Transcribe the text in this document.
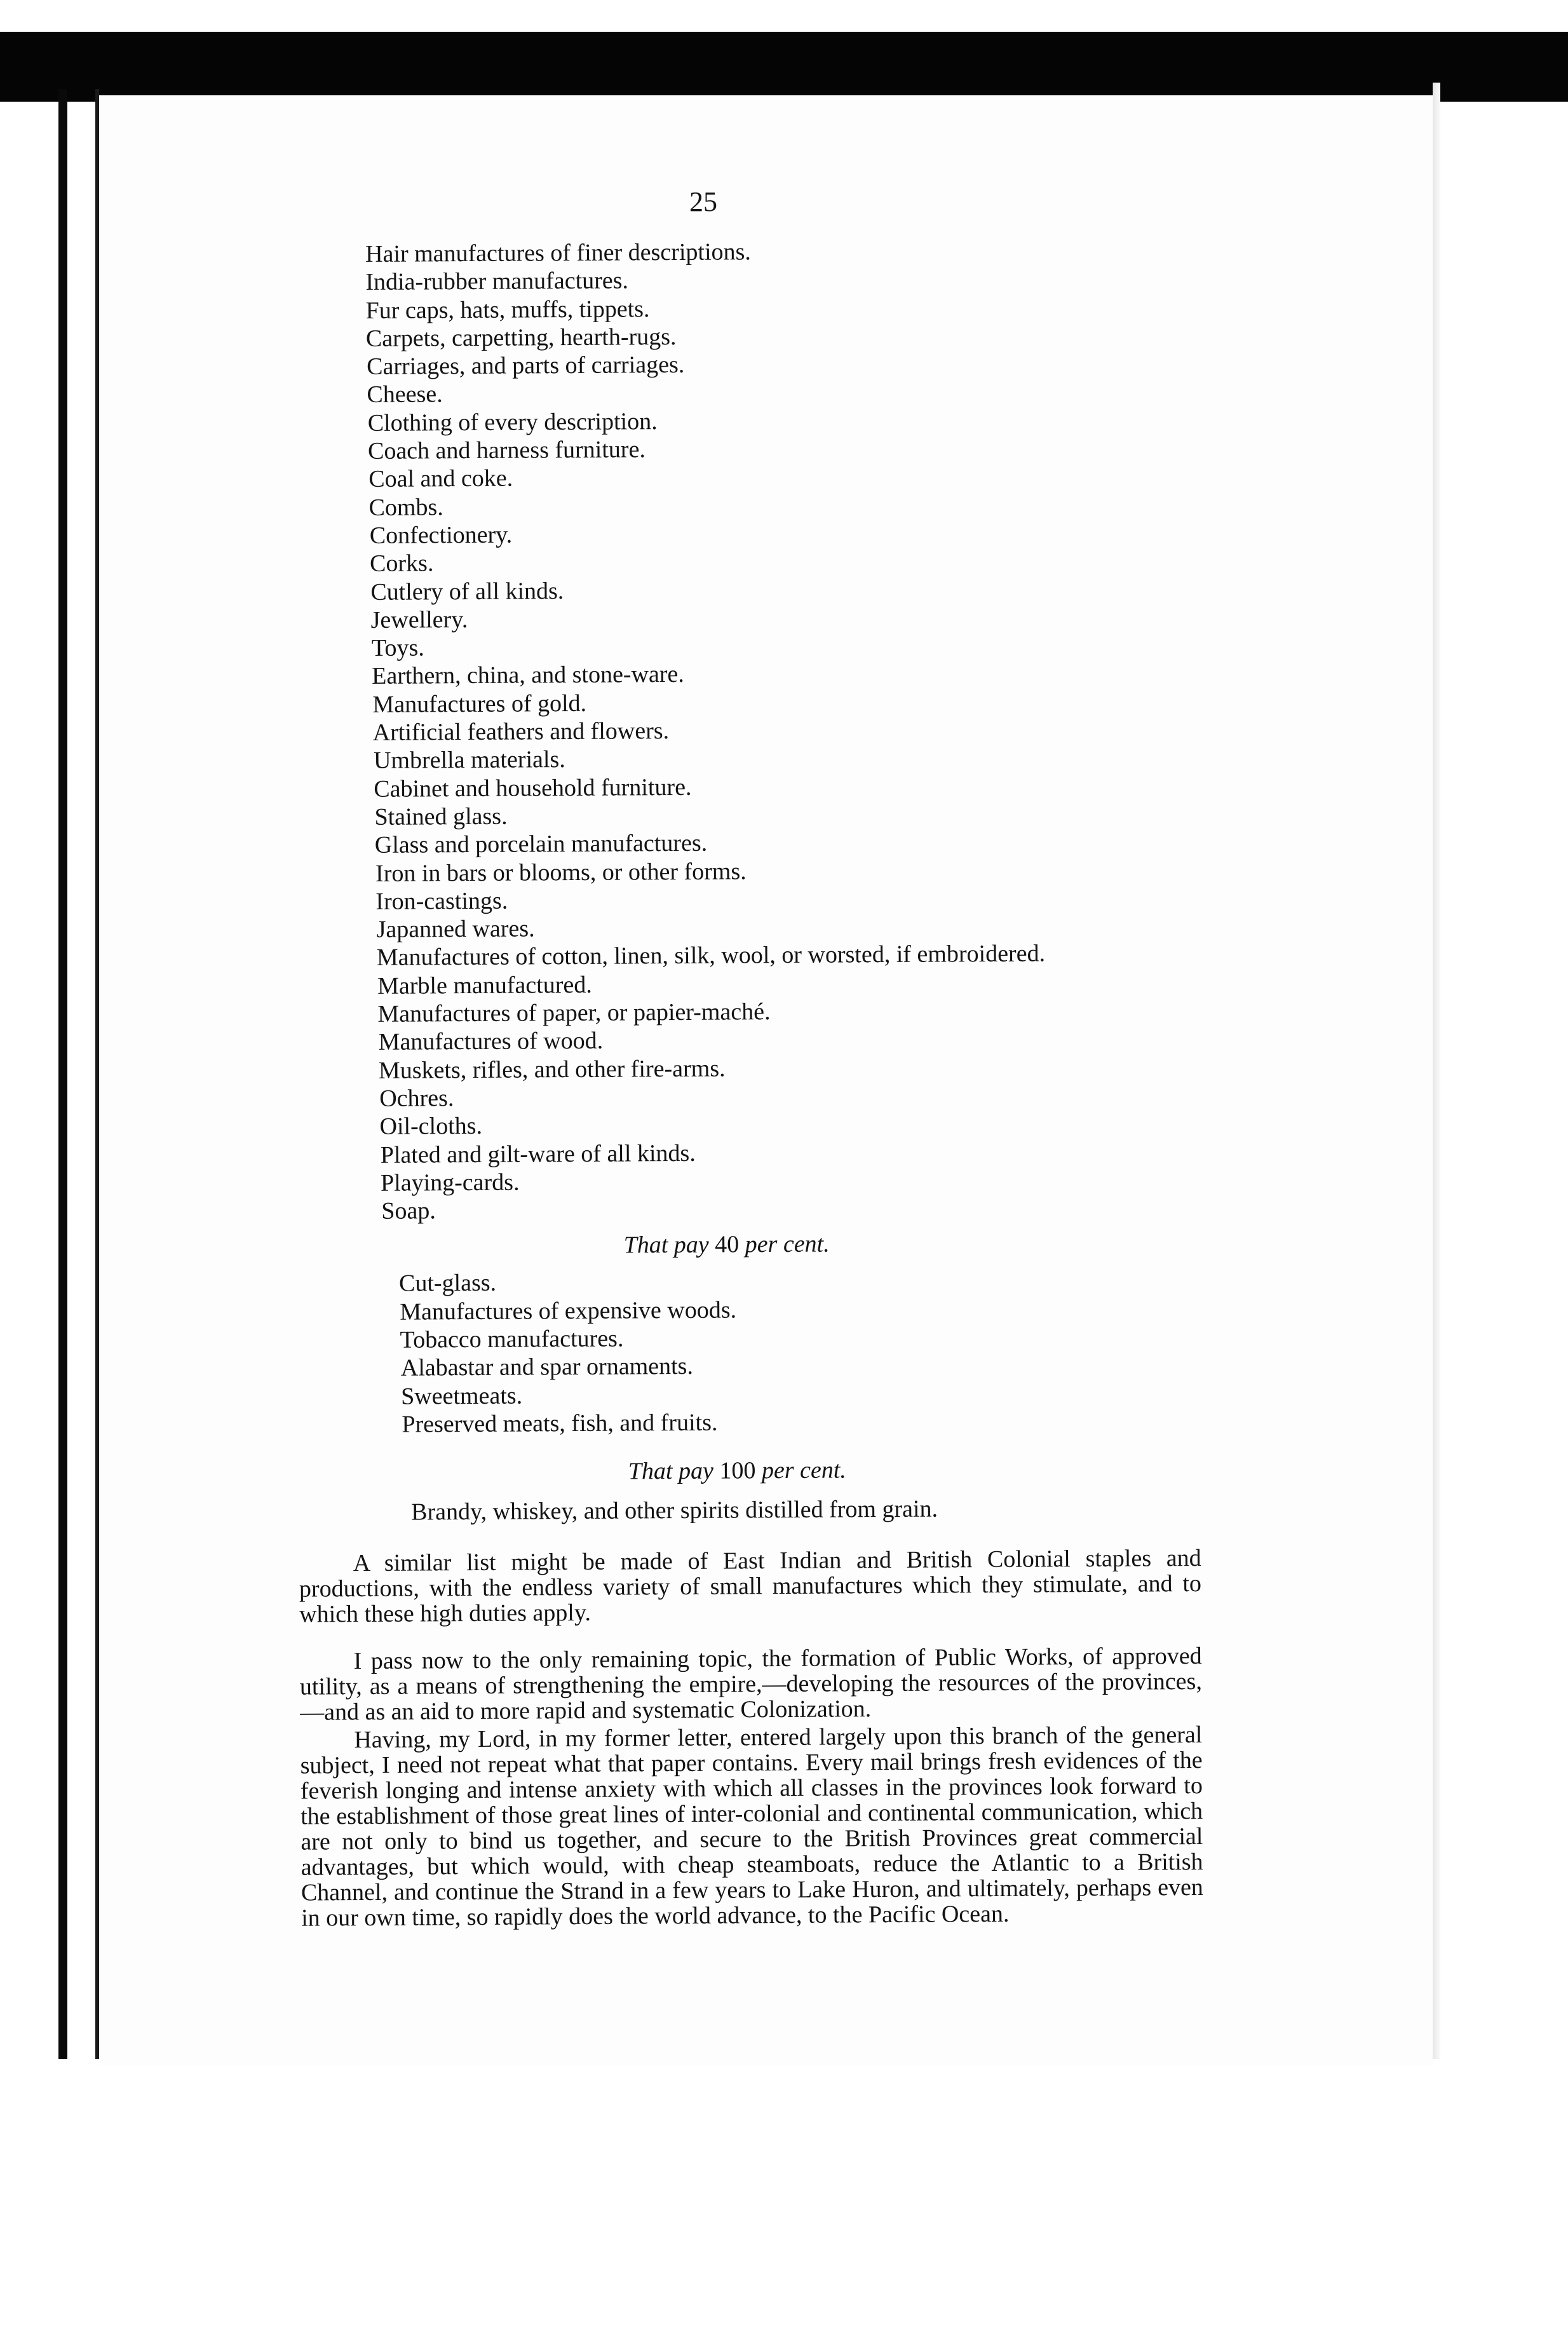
25
Hair manufactures of finer descriptions.
India-rubber manufactures.
Fur caps, hats, muffs, tippets.
Carpets, carpetting, hearth-rugs.
Carriages, and parts of carriages.
Cheese.
Clothing of every description.
Coach and harness furniture.
Coal and coke.
Combs.
Confectionery.
Corks.
Cutlery of all kinds.
Jewellery.
Toys.
Earthern, china, and stone-ware.
Manufactures of gold.
Artificial feathers and flowers.
Umbrella materials.
Cabinet and household furniture.
Stained glass.
Glass and porcelain manufactures.
Iron in bars or blooms, or other forms.
Iron-castings.
Japanned wares.
Manufactures of cotton, linen, silk, wool, or worsted, if embroidered.
Marble manufactured.
Manufactures of paper, or papier-maché.
Manufactures of wood.
Muskets, rifles, and other fire-arms.
Ochres.
Oil-cloths.
Plated and gilt-ware of all kinds.
Playing-cards.
Soap.
That pay 40 per cent.
Cut-glass.
Manufactures of expensive woods.
Tobacco manufactures.
Alabastar and spar ornaments.
Sweetmeats.
Preserved meats, fish, and fruits.
That pay 100 per cent.
Brandy, whiskey, and other spirits distilled from grain.

A similar list might be made of East Indian and British Colonial staples and productions, with the endless variety of small manufactures which they stimulate, and to which these high duties apply.

I pass now to the only remaining topic, the formation of Public Works, of approved utility, as a means of strengthening the empire,—developing the resources of the provinces,—and as an aid to more rapid and systematic Colonization.

Having, my Lord, in my former letter, entered largely upon this branch of the general subject, I need not repeat what that paper contains. Every mail brings fresh evidences of the feverish longing and intense anxiety with which all classes in the provinces look forward to the establishment of those great lines of inter-colonial and continental communication, which are not only to bind us together, and secure to the British Provinces great commercial advantages, but which would, with cheap steamboats, reduce the Atlantic to a British Channel, and continue the Strand in a few years to Lake Huron, and ultimately, perhaps even in our own time, so rapidly does the world advance, to the Pacific Ocean.
